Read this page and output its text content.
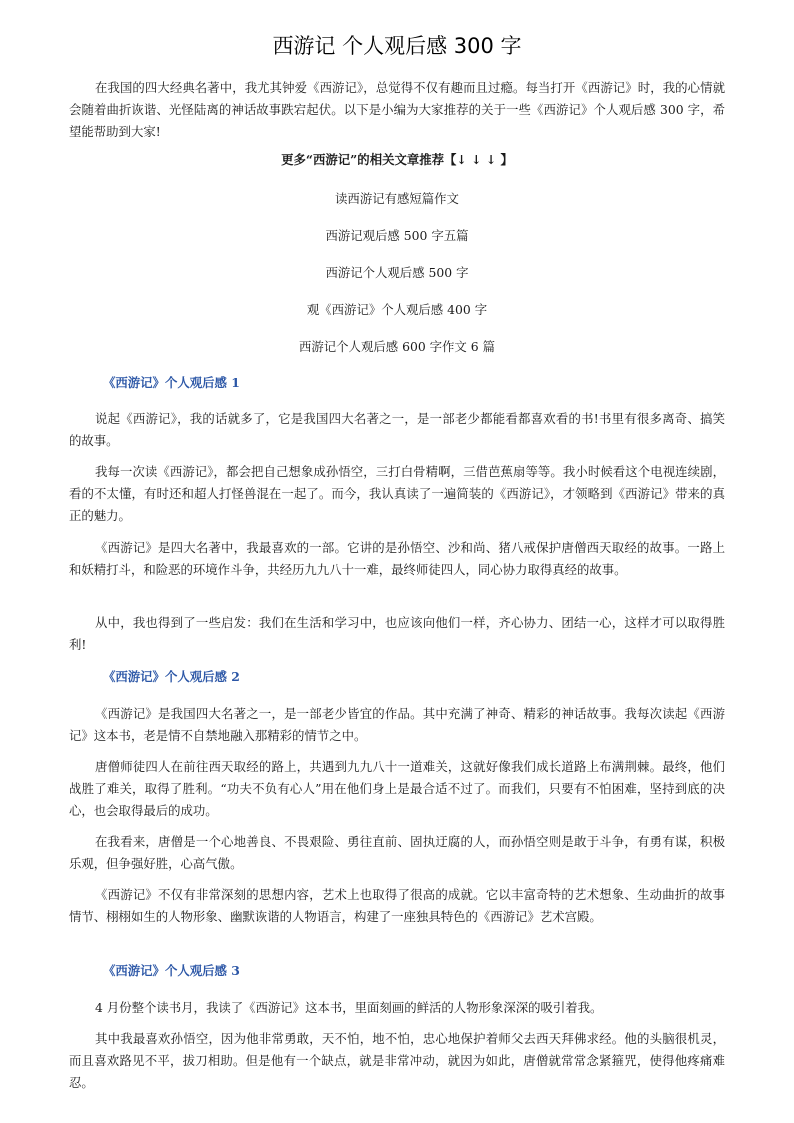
西游记 个人观后感 300 字

在我国的四大经典名著中，我尤其钟爱《西游记》，总觉得不仅有趣而且过瘾。每当打开《西游记》时，我的心情就会随着曲折诙谐、光怪陆离的神话故事跌宕起伏。以下是小编为大家推荐的关于一些《西游记》个人观后感 300 字，希望能帮助到大家!

更多“西游记”的相关文章推荐【↓ ↓ ↓ 】
读西游记有感短篇作文
西游记观后感 500 字五篇
西游记个人观后感 500 字
观《西游记》个人观后感 400 字
西游记个人观后感 600 字作文 6 篇
《西游记》个人观后感 1

说起《西游记》，我的话就多了，它是我国四大名著之一，是一部老少都能看都喜欢看的书!书里有很多离奇、搞笑的故事。

我每一次读《西游记》，都会把自己想象成孙悟空，三打白骨精啊，三借芭蕉扇等等。我小时候看这个电视连续剧，看的不太懂，有时还和超人打怪兽混在一起了。而今，我认真读了一遍简装的《西游记》，才领略到《西游记》带来的真正的魅力。

《西游记》是四大名著中，我最喜欢的一部。它讲的是孙悟空、沙和尚、猪八戒保护唐僧西天取经的故事。一路上和妖精打斗，和险恶的环境作斗争，共经历九九八十一难，最终师徒四人，同心协力取得真经的故事。

从中，我也得到了一些启发：我们在生活和学习中，也应该向他们一样，齐心协力、团结一心，这样才可以取得胜利!

《西游记》个人观后感 2

《西游记》是我国四大名著之一，是一部老少皆宜的作品。其中充满了神奇、精彩的神话故事。我每次读起《西游记》这本书，老是情不自禁地融入那精彩的情节之中。

唐僧师徒四人在前往西天取经的路上，共遇到九九八十一道难关，这就好像我们成长道路上布满荆棘。最终，他们战胜了难关，取得了胜利。“功夫不负有心人”用在他们身上是最合适不过了。而我们，只要有不怕困难，坚持到底的决心，也会取得最后的成功。

在我看来，唐僧是一个心地善良、不畏艰险、勇往直前、固执迂腐的人，而孙悟空则是敢于斗争，有勇有谋，积极乐观，但争强好胜，心高气傲。

《西游记》不仅有非常深刻的思想内容，艺术上也取得了很高的成就。它以丰富奇特的艺术想象、生动曲折的故事情节、栩栩如生的人物形象、幽默诙谐的人物语言，构建了一座独具特色的《西游记》艺术宫殿。

《西游记》个人观后感 3

4 月份整个读书月，我读了《西游记》这本书，里面刻画的鲜活的人物形象深深的吸引着我。

其中我最喜欢孙悟空，因为他非常勇敢，天不怕，地不怕，忠心地保护着师父去西天拜佛求经。他的头脑很机灵，而且喜欢路见不平，拔刀相助。但是他有一个缺点，就是非常冲动，就因为如此，唐僧就常常念紧箍咒，使得他疼痛难忍。
